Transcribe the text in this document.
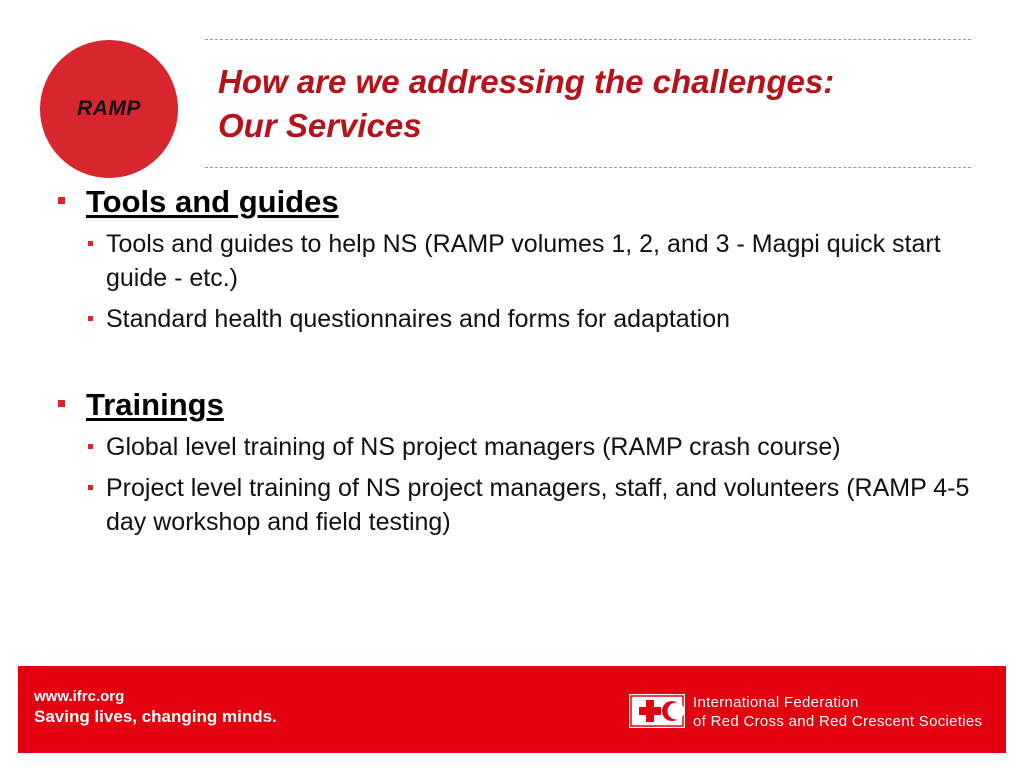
RAMP
How are we addressing the challenges:
Our Services
Tools and guides
Tools and guides to help NS (RAMP volumes 1, 2, and 3 - Magpi quick start guide - etc.)
Standard health questionnaires and forms for adaptation
Trainings
Global level training of NS project managers (RAMP crash course)
Project level training of NS project managers, staff, and volunteers (RAMP 4-5 day workshop and field testing)
www.ifrc.org
Saving lives, changing minds.
International Federation
of Red Cross and Red Crescent Societies
